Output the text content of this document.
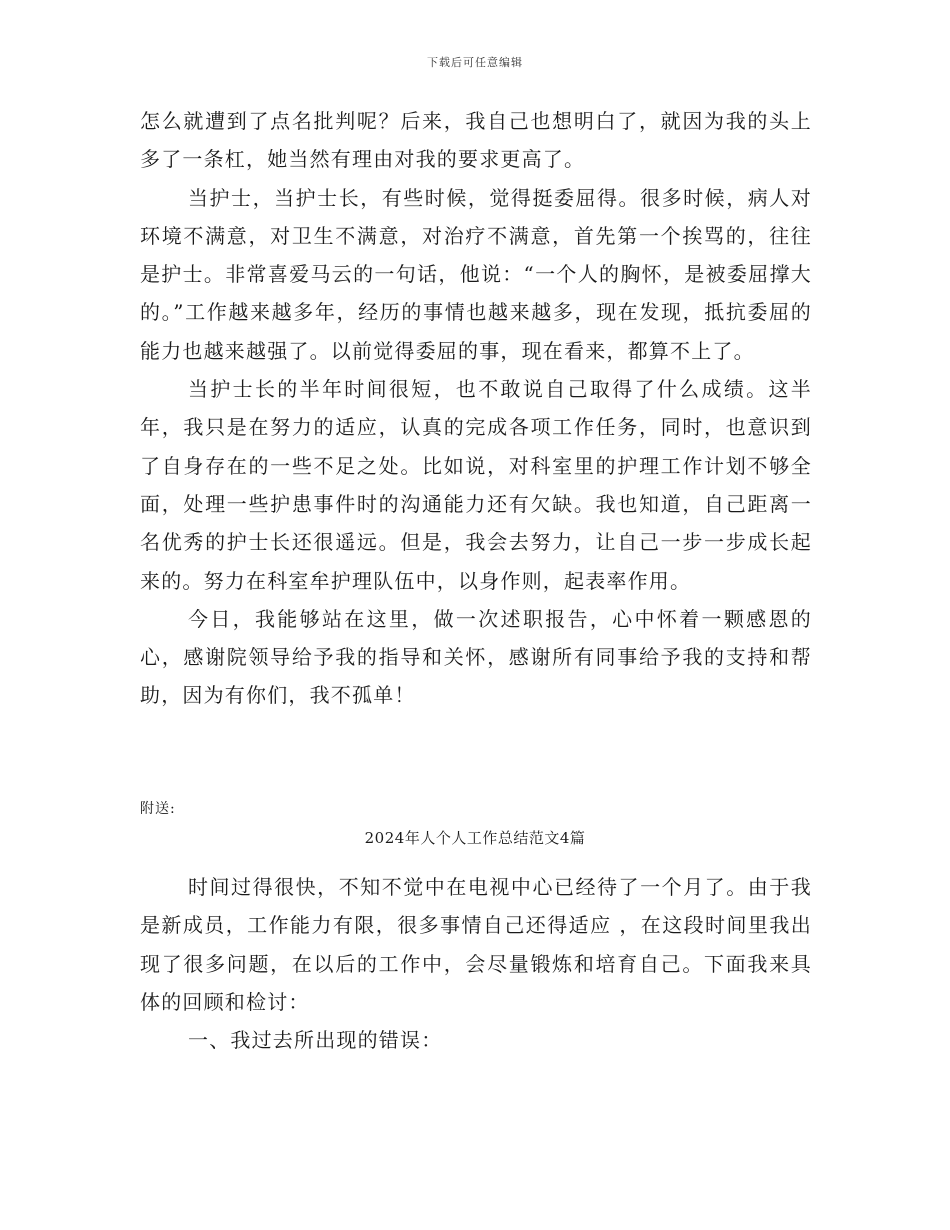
下载后可任意编辑

怎么就遭到了点名批判呢？后来，我自己也想明白了，就因为我的头上多了一条杠，她当然有理由对我的要求更高了。

当护士，当护士长，有些时候，觉得挺委屈得。很多时候，病人对环境不满意，对卫生不满意，对治疗不满意，首先第一个挨骂的，往往是护士。非常喜爱马云的一句话，他说：“一个人的胸怀，是被委屈撑大的。”工作越来越多年，经历的事情也越来越多，现在发现，抵抗委屈的能力也越来越强了。以前觉得委屈的事，现在看来，都算不上了。

当护士长的半年时间很短，也不敢说自己取得了什么成绩。这半年，我只是在努力的适应，认真的完成各项工作任务，同时，也意识到了自身存在的一些不足之处。比如说，对科室里的护理工作计划不够全面，处理一些护患事件时的沟通能力还有欠缺。我也知道，自己距离一名优秀的护士长还很遥远。但是，我会去努力，让自己一步一步成长起来的。努力在科室牟护理队伍中，以身作则，起表率作用。

今日，我能够站在这里，做一次述职报告，心中怀着一颗感恩的心，感谢院领导给予我的指导和关怀，感谢所有同事给予我的支持和帮助，因为有你们，我不孤单！

附送:
2024年人个人工作总结范文4篇

时间过得很快，不知不觉中在电视中心已经待了一个月了。由于我是新成员，工作能力有限，很多事情自己还得适应 ，在这段时间里我出现了很多问题，在以后的工作中，会尽量锻炼和培育自己。下面我来具体的回顾和检讨：

一、我过去所出现的错误：
